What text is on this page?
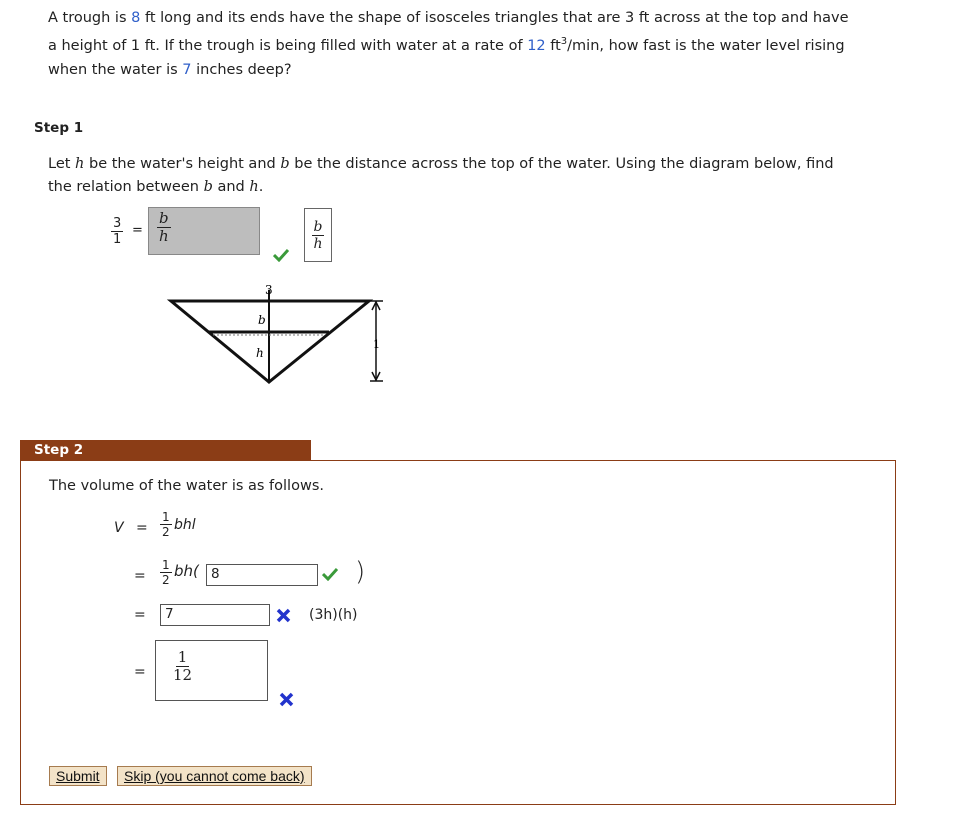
A trough is 8 ft long and its ends have the shape of isosceles triangles that are 3 ft across at the top and have
a height of 1 ft. If the trough is being filled with water at a rate of 12 $ft^3/\min$, how fast is the water level rising
when the water is 7 inches deep?
Step 1
Let h be the water's height and b be the distance across the top of the water. Using the diagram below, find
the relation between b and h.
$\frac{3}{1} = \frac{b}{h}$	$\frac{b}{h}$
3
b
h
1
Step 2
The volume of the water is as follows.
$V = \frac{1}{2}$ bhl
= $\frac{1}{2} bh$( 8	)
=	7	(3h)(h)
= $\frac{1}{12}$
Submit	Skip (you cannot come back)
